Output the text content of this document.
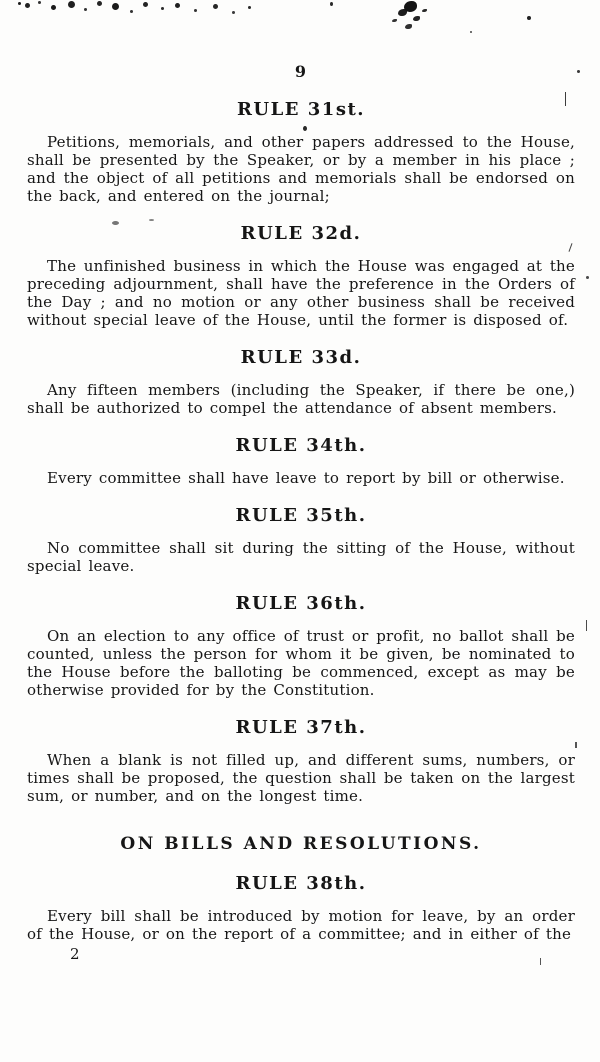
9
RULE 31st.

Petitions, memorials, and other papers addressed to the House, shall be presented by the Speaker, or by a member in his place ; and the object of all petitions and memorials shall be endorsed on the back, and entered on the journal;

RULE 32d.

The unfinished business in which the House was engaged at the preceding adjournment, shall have the preference in the Orders of the Day ; and no motion or any other business shall be received without special leave of the House, until the former is disposed of.

RULE 33d.

Any fifteen members (including the Speaker, if there be one,) shall be authorized to compel the attendance of absent members.

RULE 34th.

Every committee shall have leave to report by bill or otherwise.

RULE 35th.

No committee shall sit during the sitting of the House, without special leave.

RULE 36th.

On an election to any office of trust or profit, no ballot shall be counted, unless the person for whom it be given, be nominated to the House before the balloting be commenced, except as may be otherwise provided for by the Constitution.

RULE 37th.

When a blank is not filled up, and different sums, numbers, or times shall be proposed, the question shall be taken on the largest sum, or number, and on the longest time.

ON BILLS AND RESOLUTIONS.
RULE 38th.

Every bill shall be introduced by motion for leave, by an order of the House, or on the report of a committee; and in either of the

2
